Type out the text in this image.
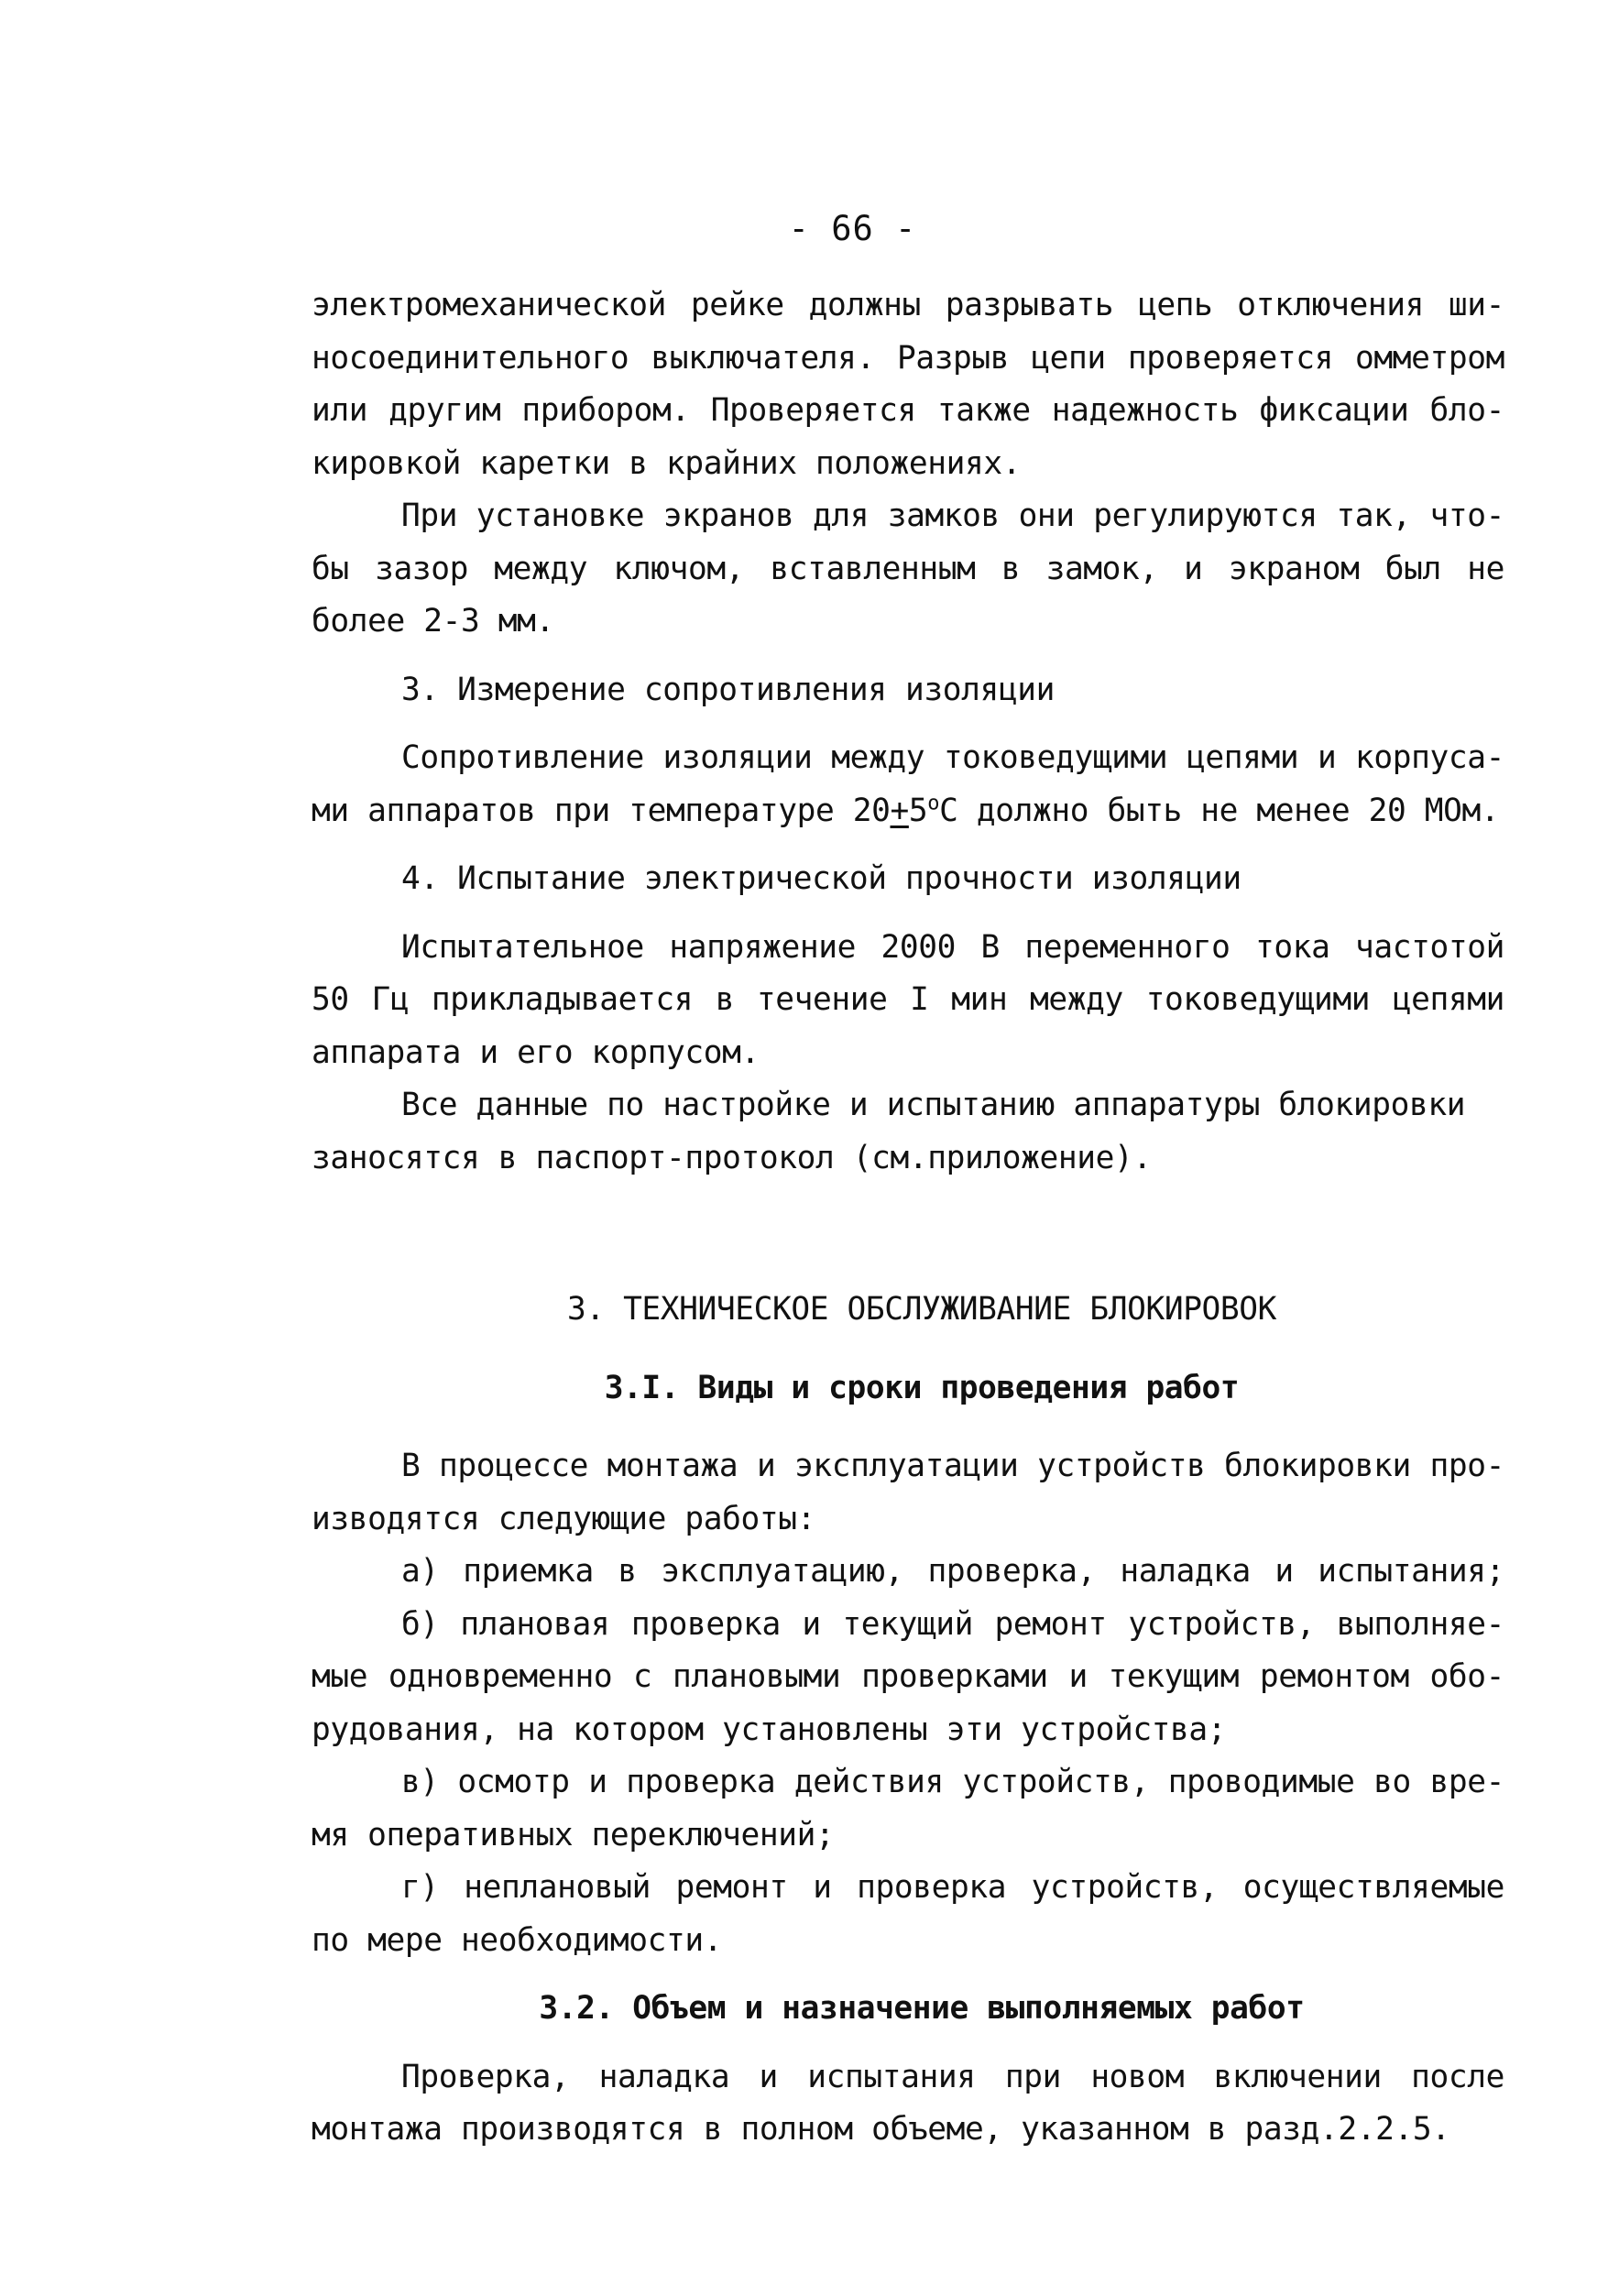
- 66 -
электромеханической рейке должны разрывать цепь отключения ши-
носоединительного выключателя. Разрыв цепи проверяется омметром
или другим прибором. Проверяется также надежность фиксации бло-
кировкой каретки в крайних положениях.
При установке экранов для замков они регулируются так, что-
бы зазор между ключом, вставленным в замок, и экраном был не
более 2-3 мм.
3. Измерение сопротивления изоляции
Сопротивление изоляции между токоведущими цепями и корпуса-
ми аппаратов при температуре $20+5^оС$ должно быть не менее 20 МОм.
4. Испытание электрической прочности изоляции
Испытательное напряжение 2000 В переменного тока частотой
50 Гц прикладывается в течение I мин между токоведущими цепями
аппарата и его корпусом.
Все данные по настройке и испытанию аппаратуры блокировки
заносятся в паспорт-протокол (см.приложение).
3. ТЕХНИЧЕСКОЕ ОБСЛУЖИВАНИЕ БЛОКИРОВОК
3.I. Виды и сроки проведения работ
В процессе монтажа и эксплуатации устройств блокировки про-
изводятся следующие работы:
а) приемка в эксплуатацию, проверка, наладка и испытания;
б) плановая проверка и текущий ремонт устройств, выполняе-
мые одновременно с плановыми проверками и текущим ремонтом обо-
рудования, на котором установлены эти устройства;
в) осмотр и проверка действия устройств, проводимые во вре-
мя оперативных переключений;
г) неплановый ремонт и проверка устройств, осуществляемые
по мере необходимости.
3.2. Объем и назначение выполняемых работ
Проверка, наладка и испытания при новом включении после
монтажа производятся в полном объеме, указанном в разд.2.2.5.
